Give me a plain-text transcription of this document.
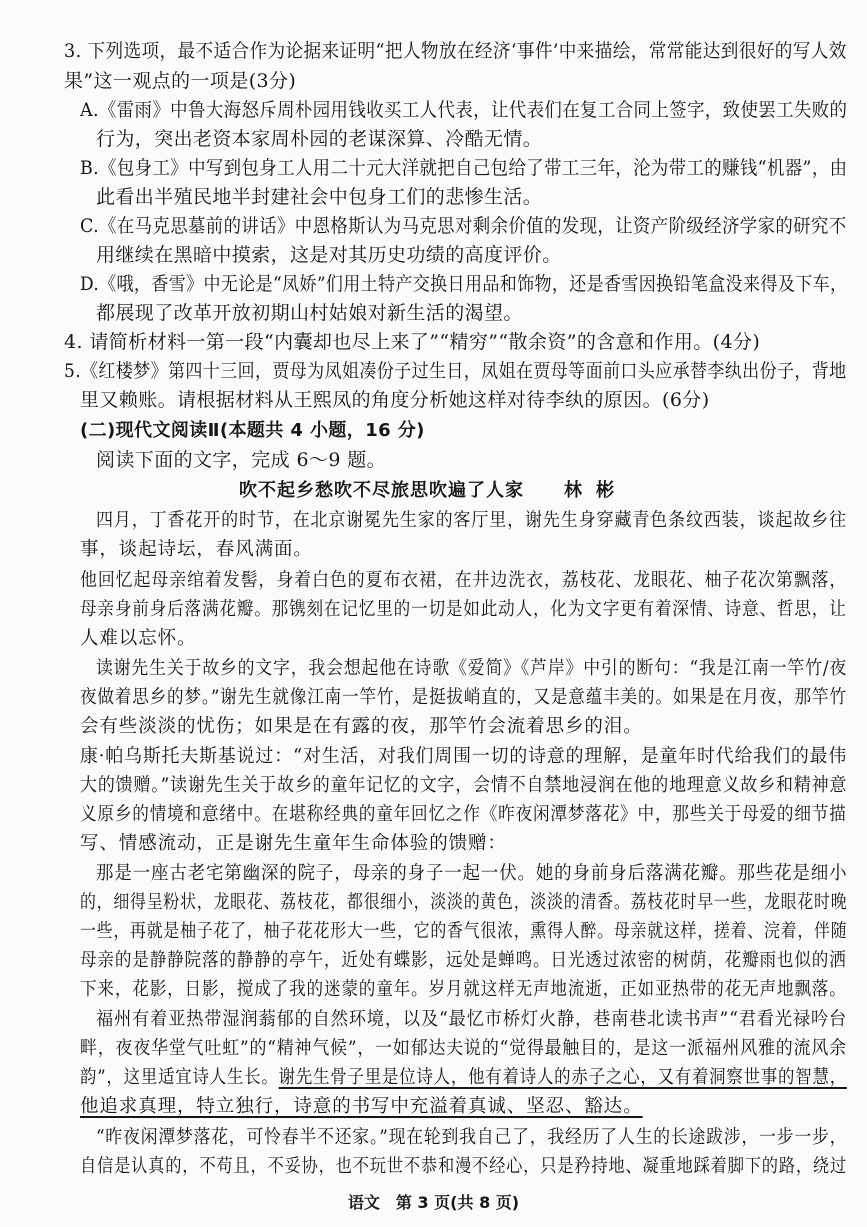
3. 下列选项，最不适合作为论据来证明“把人物放在经济‘事件’中来描绘，常常能达到很好的写人效
果”这一观点的一项是(3分)
A.《雷雨》中鲁大海怒斥周朴园用钱收买工人代表，让代表们在复工合同上签字，致使罢工失败的
行为，突出老资本家周朴园的老谋深算、冷酷无情。
B.《包身工》中写到包身工人用二十元大洋就把自己包给了带工三年，沦为带工的赚钱“机器”，由
此看出半殖民地半封建社会中包身工们的悲惨生活。
C.《在马克思墓前的讲话》中恩格斯认为马克思对剩余价值的发现，让资产阶级经济学家的研究不
用继续在黑暗中摸索，这是对其历史功绩的高度评价。
D.《哦，香雪》中无论是“凤娇”们用土特产交换日用品和饰物，还是香雪因换铅笔盒没来得及下车，
都展现了改革开放初期山村姑娘对新生活的渴望。
4. 请简析材料一第一段“内囊却也尽上来了”“精穷”“散余资”的含意和作用。(4分)
5.《红楼梦》第四十三回，贾母为凤姐凑份子过生日，凤姐在贾母等面前口头应承替李纨出份子，背地
里又赖账。请根据材料从王熙凤的角度分析她这样对待李纨的原因。(6分)
(二)现代文阅读Ⅱ(本题共 4 小题，16 分)
阅读下面的文字，完成 6～9 题。
吹不起乡愁吹不尽旅思吹遍了人家 林彬
四月，丁香花开的时节，在北京谢冕先生家的客厅里，谢先生身穿藏青色条纹西装，谈起故乡往
事，谈起诗坛，春风满面。
他回忆起母亲绾着发髻，身着白色的夏布衣裙，在井边洗衣，荔枝花、龙眼花、柚子花次第飘落，
母亲身前身后落满花瓣。那镌刻在记忆里的一切是如此动人，化为文字更有着深情、诗意、哲思，让
人难以忘怀。
读谢先生关于故乡的文字，我会想起他在诗歌《爱简》《芦岸》中引的断句：“我是江南一竿竹/夜
夜做着思乡的梦。”谢先生就像江南一竿竹，是挺拔峭直的，又是意蕴丰美的。如果是在月夜，那竿竹
会有些淡淡的忧伤；如果是在有露的夜，那竿竹会流着思乡的泪。
康·帕乌斯托夫斯基说过：“对生活，对我们周围一切的诗意的理解，是童年时代给我们的最伟
大的馈赠。”读谢先生关于故乡的童年记忆的文字，会情不自禁地浸润在他的地理意义故乡和精神意
义原乡的情境和意绪中。在堪称经典的童年回忆之作《昨夜闲潭梦落花》中，那些关于母爱的细节描
写、情感流动，正是谢先生童年生命体验的馈赠：
那是一座古老宅第幽深的院子，母亲的身子一起一伏。她的身前身后落满花瓣。那些花是细小
的，细得呈粉状，龙眼花、荔枝花，都很细小，淡淡的黄色，淡淡的清香。荔枝花时早一些，龙眼花时晚
一些，再就是柚子花了，柚子花花形大一些，它的香气很浓，熏得人醉。母亲就这样，搓着、浣着，伴随
母亲的是静静院落的静静的亭午，近处有蝶影，远处是蝉鸣。日光透过浓密的树荫，花瓣雨也似的洒
下来，花影，日影，搅成了我的迷蒙的童年。岁月就这样无声地流逝，正如亚热带的花无声地飘落。
福州有着亚热带湿润蓊郁的自然环境，以及“最忆市桥灯火静，巷南巷北读书声”“君看光禄吟台
畔，夜夜华堂气吐虹”的“精神气候”，一如郁达夫说的“觉得最触目的，是这一派福州风雅的流风余
韵”，这里适宜诗人生长。谢先生骨子里是位诗人，他有着诗人的赤子之心，又有着洞察世事的智慧，
他追求真理，特立独行，诗意的书写中充溢着真诚、坚忍、豁达。
“昨夜闲潭梦落花，可怜春半不还家。”现在轮到我自己了，我经历了人生的长途跋涉，一步一步，
自信是认真的，不苟且，不妥协，也不玩世不恭和漫不经心，只是矜持地、凝重地踩着脚下的路，绕过
语文　第 3 页(共 8 页)
